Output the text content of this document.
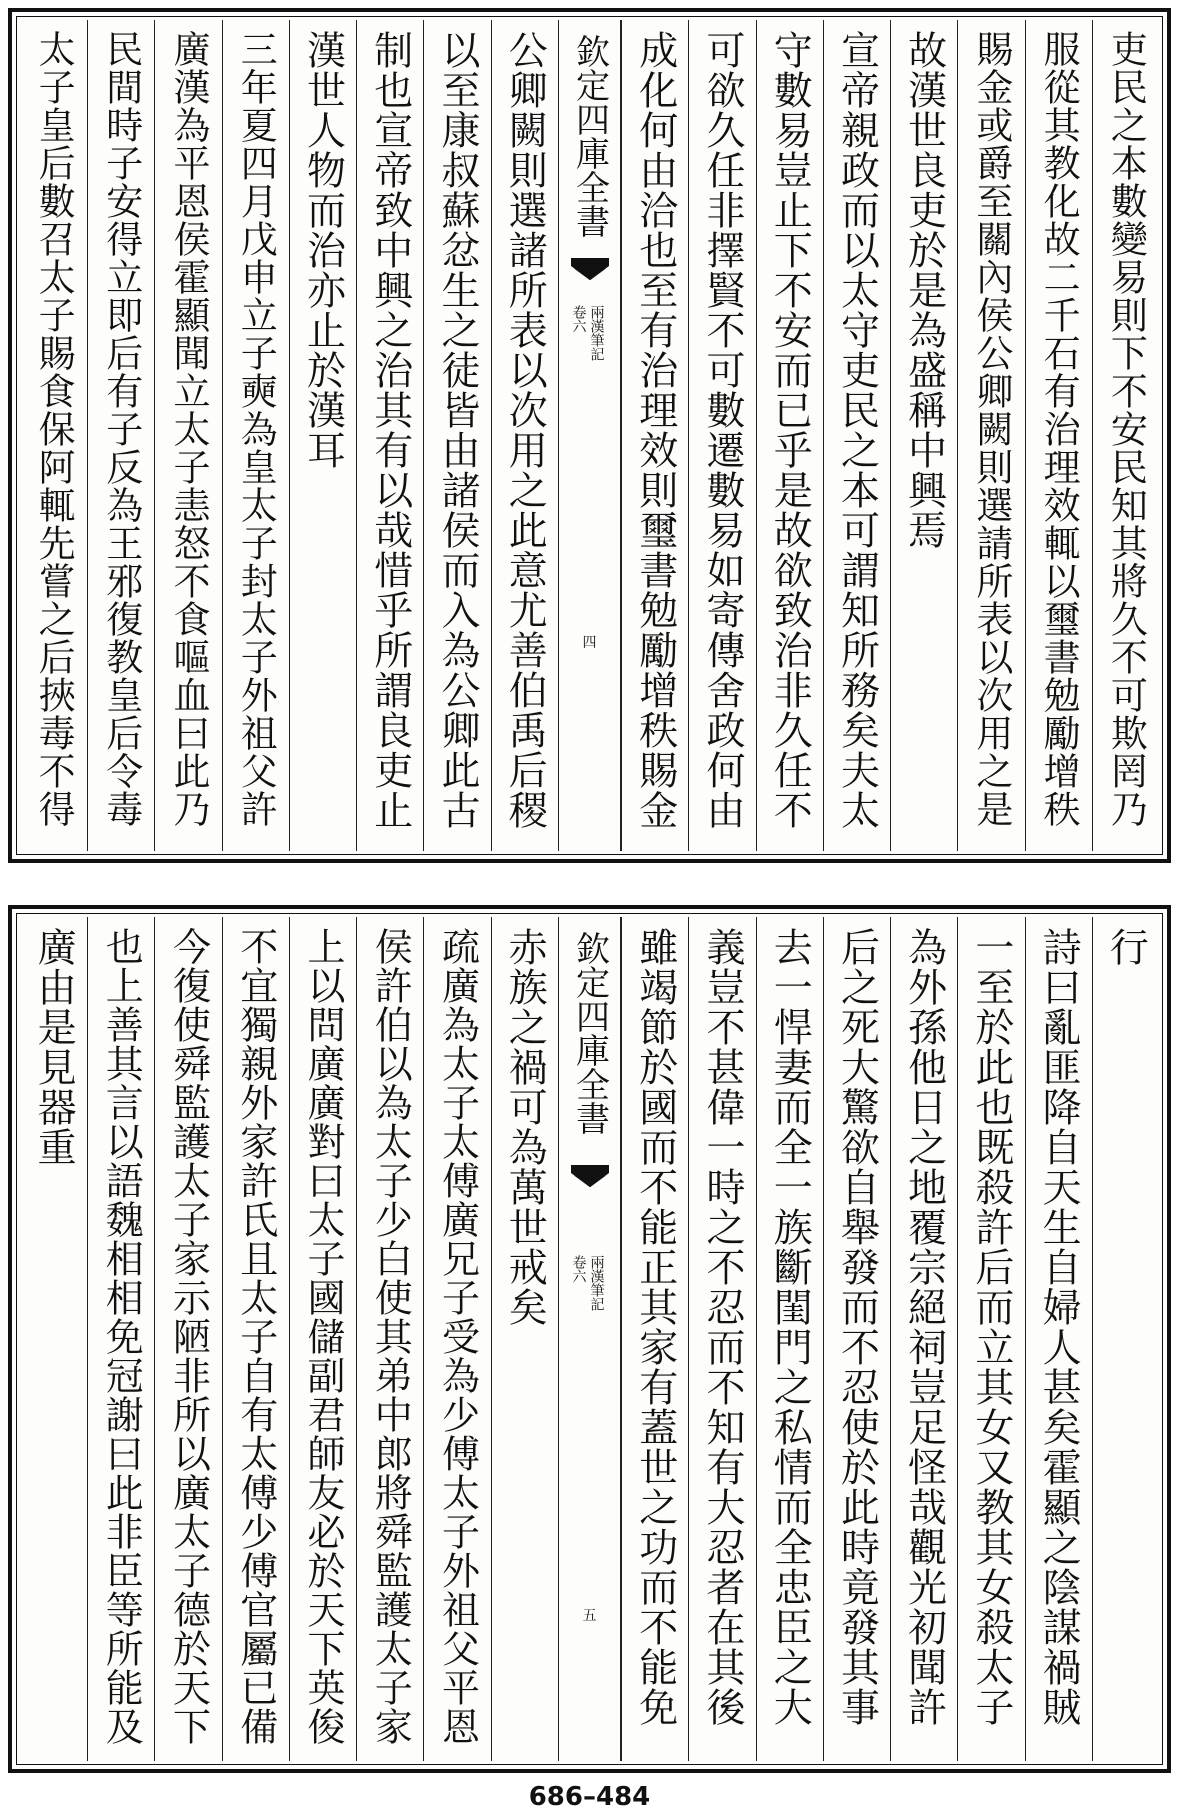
吏民之本數變易則下不安民知其將久不可欺罔乃
服從其教化故二千石有治理效輒以璽書勉勵增秩
賜金或爵至關內侯公卿闕則選請所表以次用之是
故漢世良吏於是為盛稱中興焉
宣帝親政而以太守吏民之本可謂知所務矣夫太
守數易豈止下不安而已乎是故欲致治非久任不
可欲久任非擇賢不可數遷數易如寄傳舍政何由
成化何由洽也至有治理效則璽書勉勵增秩賜金
欽定四庫全書
兩漢筆記
卷六
四
公卿闕則選諸所表以次用之此意尤善伯禹后稷
以至康叔蘇忿生之徒皆由諸侯而入為公卿此古
制也宣帝致中興之治其有以哉惜乎所謂良吏止
漢世人物而治亦止於漢耳
三年夏四月戊申立子奭為皇太子封太子外祖父許
廣漢為平恩侯霍顯聞立太子恚怒不食嘔血曰此乃
民間時子安得立即后有子反為王邪復教皇后令毒
太子皇后數召太子賜食保阿輒先嘗之后挾毒不得
行
詩曰亂匪降自天生自婦人甚矣霍顯之陰謀禍賊
一至於此也既殺許后而立其女又教其女殺太子
為外孫他日之地覆宗絕祠豈足怪哉觀光初聞許
后之死大驚欲自舉發而不忍使於此時竟發其事
去一悍妻而全一族斷閨門之私情而全忠臣之大
義豈不甚偉一時之不忍而不知有大忍者在其後
雖竭節於國而不能正其家有蓋世之功而不能免
欽定四庫全書
兩漢筆記
卷六
五
赤族之禍可為萬世戒矣
疏廣為太子太傅廣兄子受為少傅太子外祖父平恩
侯許伯以為太子少白使其弟中郎將舜監護太子家
上以問廣廣對曰太子國儲副君師友必於天下英俊
不宜獨親外家許氏且太子自有太傅少傅官屬已備
今復使舜監護太子家示陋非所以廣太子德於天下
也上善其言以語魏相相免冠謝曰此非臣等所能及
廣由是見器重
686–484
